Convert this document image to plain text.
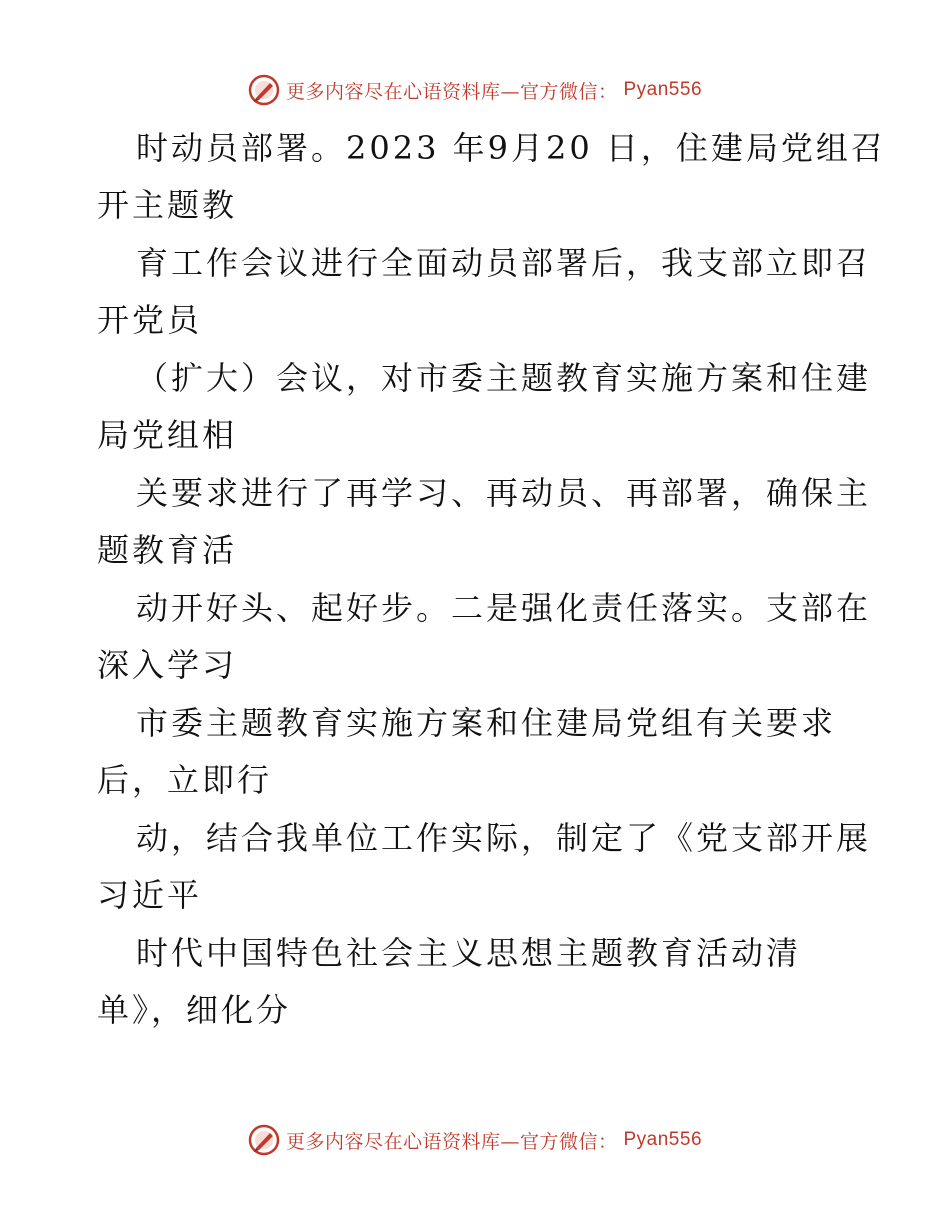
更多内容尽在心语资料库—官方微信： Pyan556
时动员部署。2023 年9月20 日，住建局党组召
开主题教
育工作会议进行全面动员部署后，我支部立即召
开党员
（扩大）会议，对市委主题教育实施方案和住建
局党组相
关要求进行了再学习、再动员、再部署，确保主
题教育活
动开好头、起好步。二是强化责任落实。支部在
深入学习
市委主题教育实施方案和住建局党组有关要求
后，立即行
动，结合我单位工作实际，制定了《党支部开展
习近平
时代中国特色社会主义思想主题教育活动清
单》，细化分
更多内容尽在心语资料库—官方微信： Pyan556
